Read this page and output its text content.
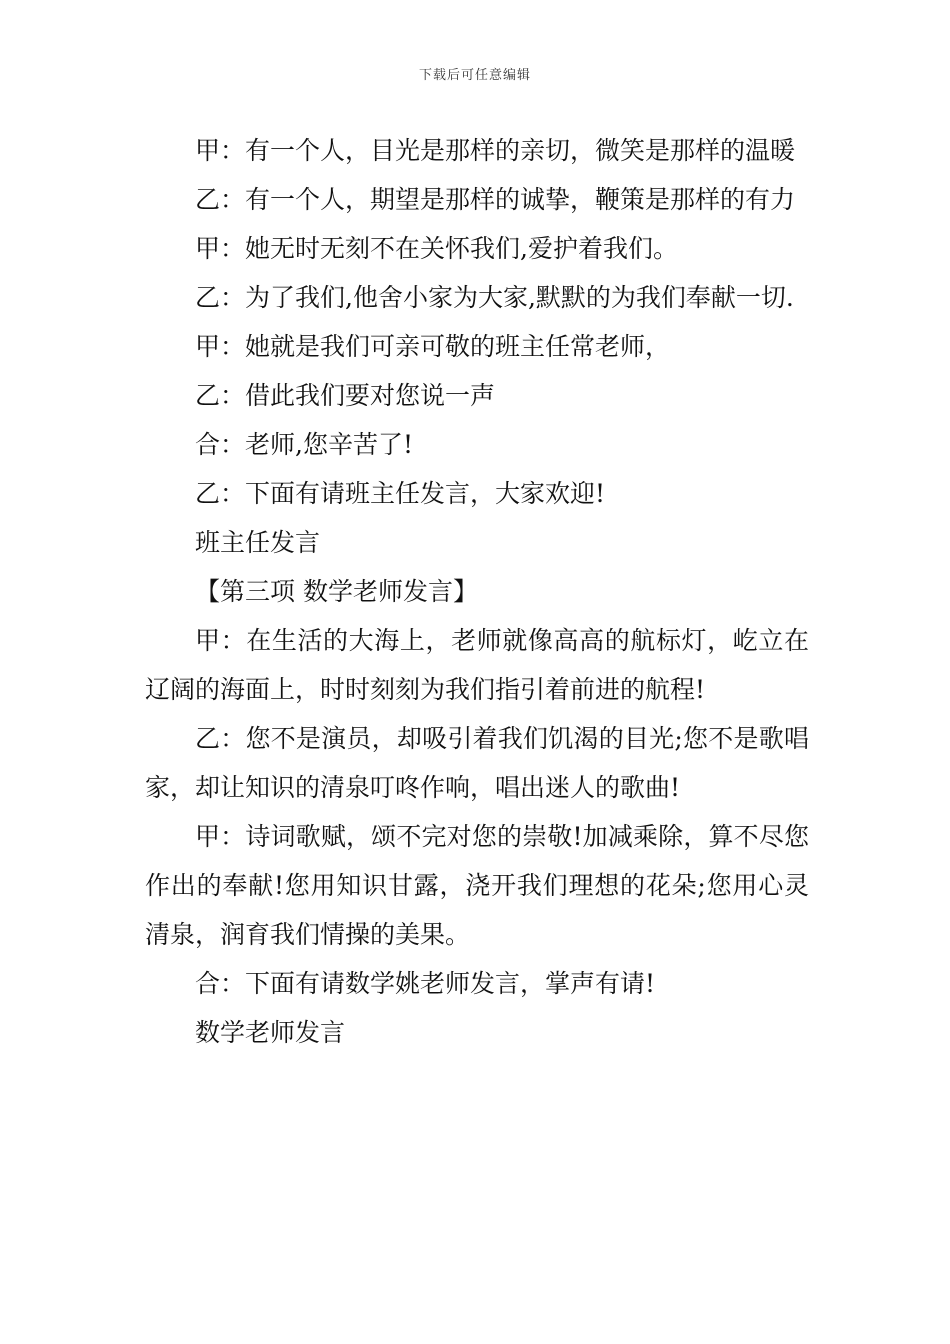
下载后可任意编辑

甲：有一个人，目光是那样的亲切，微笑是那样的温暖

乙：有一个人，期望是那样的诚挚，鞭策是那样的有力

甲：她无时无刻不在关怀我们,爱护着我们。

乙：为了我们,他舍小家为大家,默默的为我们奉献一切.

甲：她就是我们可亲可敬的班主任常老师，

乙：借此我们要对您说一声

合：老师,您辛苦了!

乙：下面有请班主任发言，大家欢迎!

班主任发言

【第三项 数学老师发言】

甲：在生活的大海上，老师就像高高的航标灯，屹立在辽阔的海面上，时时刻刻为我们指引着前进的航程!

乙：您不是演员，却吸引着我们饥渴的目光;您不是歌唱家，却让知识的清泉叮咚作响，唱出迷人的歌曲!

甲：诗词歌赋，颂不完对您的崇敬!加减乘除，算不尽您作出的奉献!您用知识甘露，浇开我们理想的花朵;您用心灵清泉，润育我们情操的美果。

合：下面有请数学姚老师发言，掌声有请!

数学老师发言
